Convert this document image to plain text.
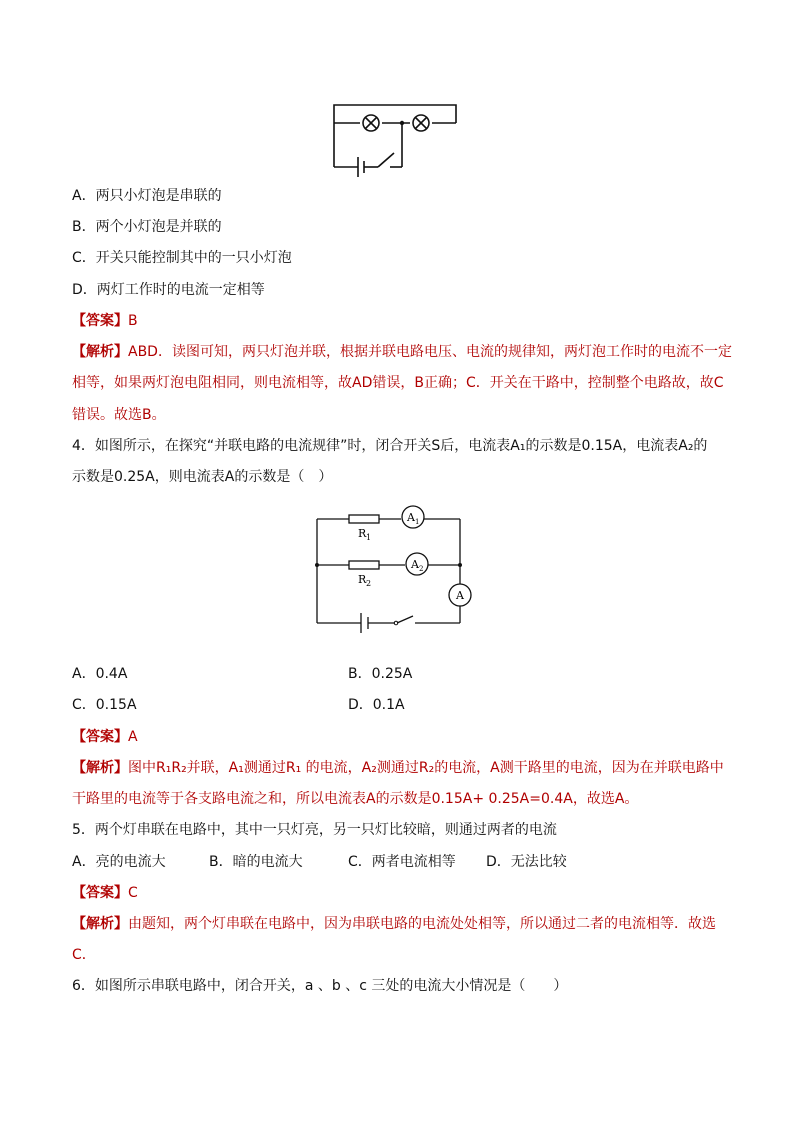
A．两只小灯泡是串联的
B．两个小灯泡是并联的
C．开关只能控制其中的一只小灯泡
D．两灯工作时的电流一定相等
【答案】B
【解析】ABD．读图可知，两只灯泡并联，根据并联电路电压、电流的规律知，两灯泡工作时的电流不一定
相等，如果两灯泡电阻相同，则电流相等，故AD错误，B正确；C．开关在干路中，控制整个电路故，故C
错误。故选B。
4．如图所示，在探究“并联电路的电流规律”时，闭合开关S后，电流表A₁的示数是0.15A，电流表A₂的
示数是0.25A，则电流表A的示数是（　）
R 1
R 2
A 1
A 2
A
A．0.4A	B．0.25A
C．0.15A	D．0.1A
【答案】A
【解析】图中R₁R₂并联，A₁测通过R₁ 的电流，A₂测通过R₂的电流，A测干路里的电流，因为在并联电路中
干路里的电流等于各支路电流之和，所以电流表A的示数是0.15A+ 0.25A=0.4A，故选A。
5．两个灯串联在电路中，其中一只灯亮，另一只灯比较暗，则通过两者的电流
A．亮的电流大	B．暗的电流大	C．两者电流相等 D．无法比较
【答案】C
【解析】由题知，两个灯串联在电路中，因为串联电路的电流处处相等，所以通过二者的电流相等．故选
C．
6．如图所示串联电路中，闭合开关，a 、b 、c 三处的电流大小情况是（　　）
